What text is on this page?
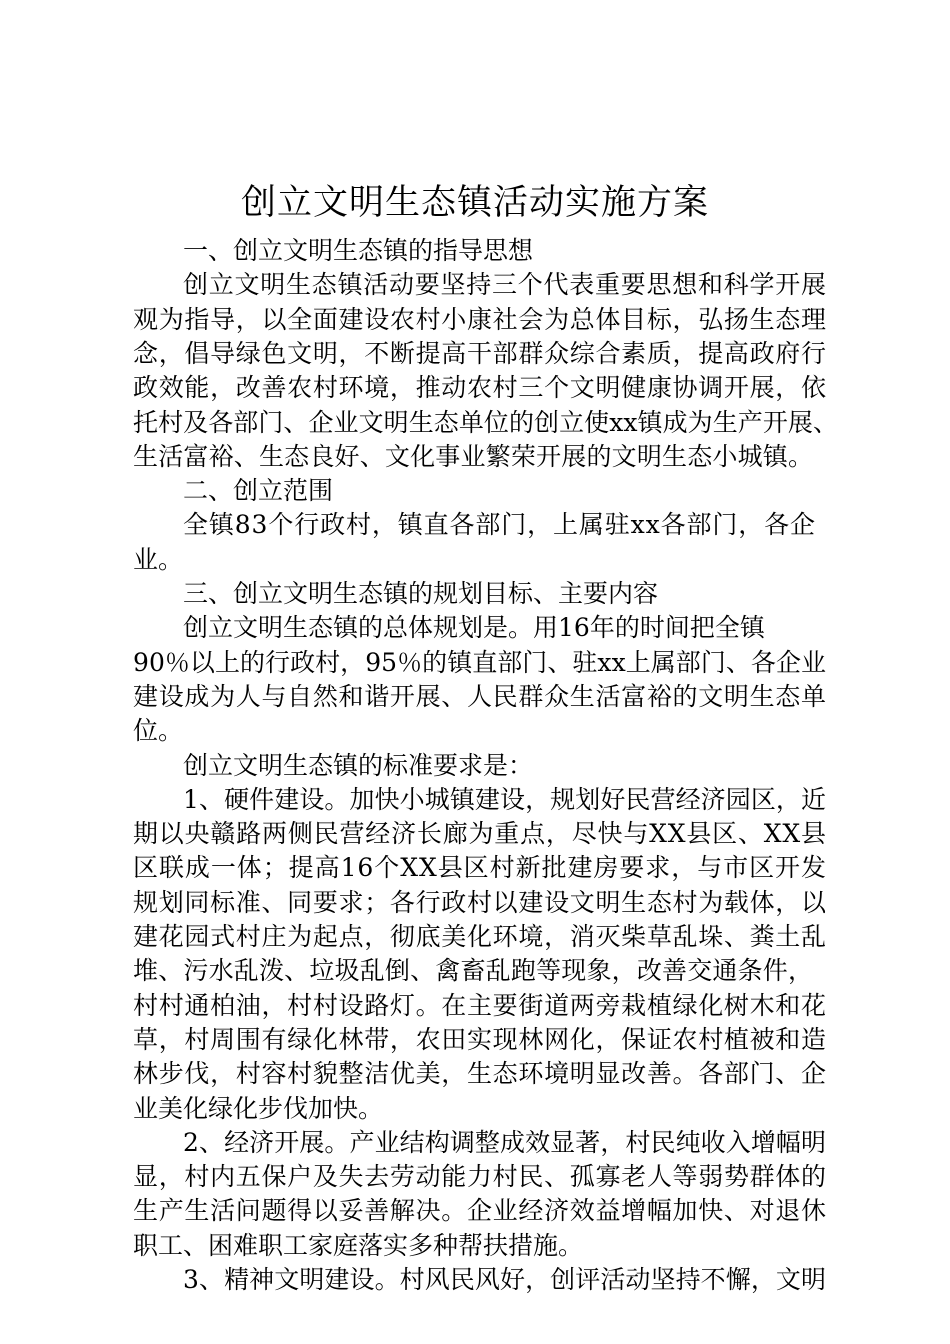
创立文明生态镇活动实施方案
一、创立文明生态镇的指导思想
创立文明生态镇活动要坚持三个代表重要思想和科学开展
观为指导，以全面建设农村小康社会为总体目标，弘扬生态理
念，倡导绿色文明，不断提高干部群众综合素质，提高政府行
政效能，改善农村环境，推动农村三个文明健康协调开展，依
托村及各部门、企业文明生态单位的创立使xx镇成为生产开展、
生活富裕、生态良好、文化事业繁荣开展的文明生态小城镇。
二、创立范围
全镇83个行政村，镇直各部门，上属驻xx各部门，各企
业。
三、创立文明生态镇的规划目标、主要内容
创立文明生态镇的总体规划是。用16年的时间把全镇
90％以上的行政村，95％的镇直部门、驻xx上属部门、各企业
建设成为人与自然和谐开展、人民群众生活富裕的文明生态单
位。
创立文明生态镇的标准要求是：
1、硬件建设。加快小城镇建设，规划好民营经济园区，近
期以央赣路两侧民营经济长廊为重点，尽快与XX县区、XX县
区联成一体；提高16个XX县区村新批建房要求，与市区开发
规划同标准、同要求；各行政村以建设文明生态村为载体，以
建花园式村庄为起点，彻底美化环境，消灭柴草乱垛、粪土乱
堆、污水乱泼、垃圾乱倒、禽畜乱跑等现象，改善交通条件，
村村通柏油，村村设路灯。在主要街道两旁栽植绿化树木和花
草，村周围有绿化林带，农田实现林网化，保证农村植被和造
林步伐，村容村貌整洁优美，生态环境明显改善。各部门、企
业美化绿化步伐加快。
2、经济开展。产业结构调整成效显著，村民纯收入增幅明
显，村内五保户及失去劳动能力村民、孤寡老人等弱势群体的
生产生活问题得以妥善解决。企业经济效益增幅加快、对退休
职工、困难职工家庭落实多种帮扶措施。
3、精神文明建设。村风民风好，创评活动坚持不懈，文明
